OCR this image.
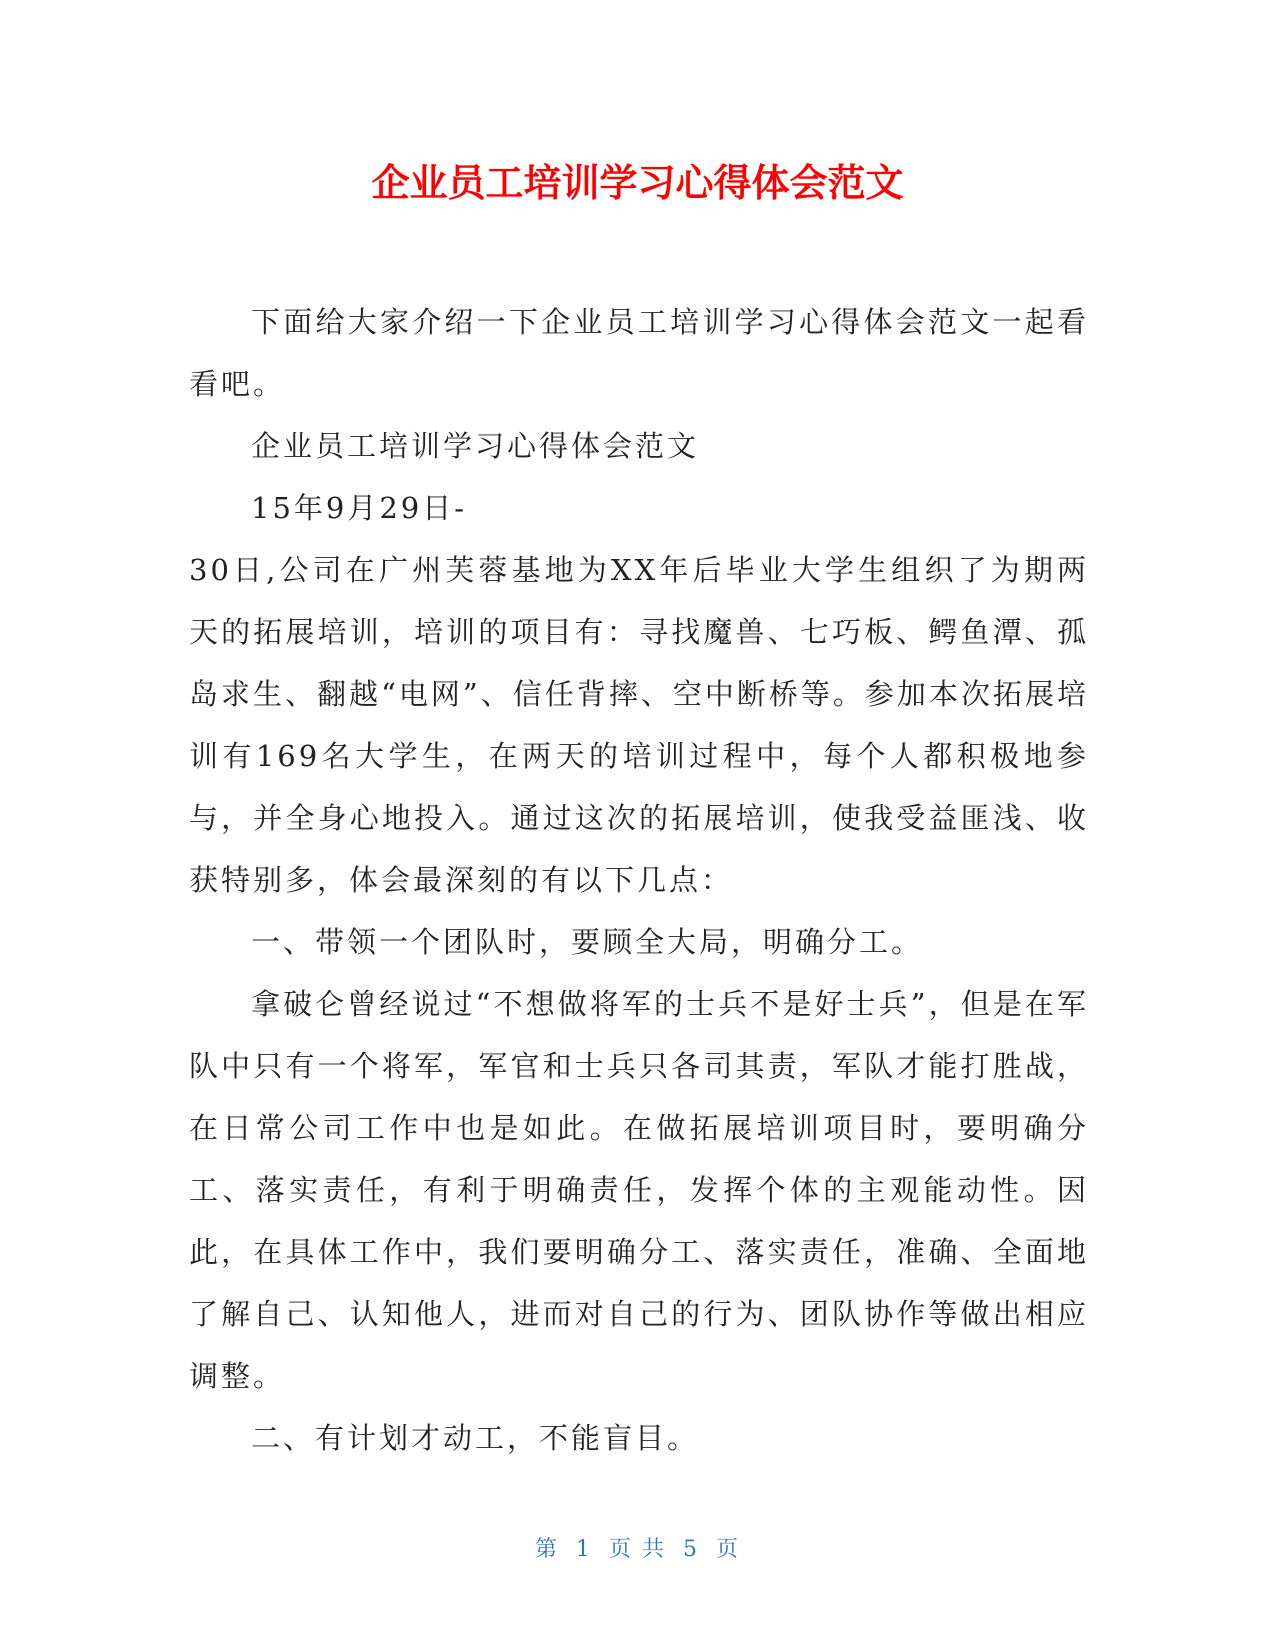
企业员工培训学习心得体会范文

下面给大家介绍一下企业员工培训学习心得体会范文一起看看吧。

企业员工培训学习心得体会范文

15年9月29日-

30日,公司在广州芙蓉基地为XX年后毕业大学生组织了为期两天的拓展培训，培训的项目有：寻找魔兽、七巧板、鳄鱼潭、孤岛求生、翻越“电网”、信任背摔、空中断桥等。参加本次拓展培训有169名大学生，在两天的培训过程中，每个人都积极地参与，并全身心地投入。通过这次的拓展培训，使我受益匪浅、收获特别多，体会最深刻的有以下几点：

一、带领一个团队时，要顾全大局，明确分工。

拿破仑曾经说过“不想做将军的士兵不是好士兵”，但是在军队中只有一个将军，军官和士兵只各司其责，军队才能打胜战，在日常公司工作中也是如此。在做拓展培训项目时，要明确分工、落实责任，有利于明确责任，发挥个体的主观能动性。因此，在具体工作中，我们要明确分工、落实责任，准确、全面地了解自己、认知他人，进而对自己的行为、团队协作等做出相应调整。

二、有计划才动工，不能盲目。

第 1 页 共 5 页
